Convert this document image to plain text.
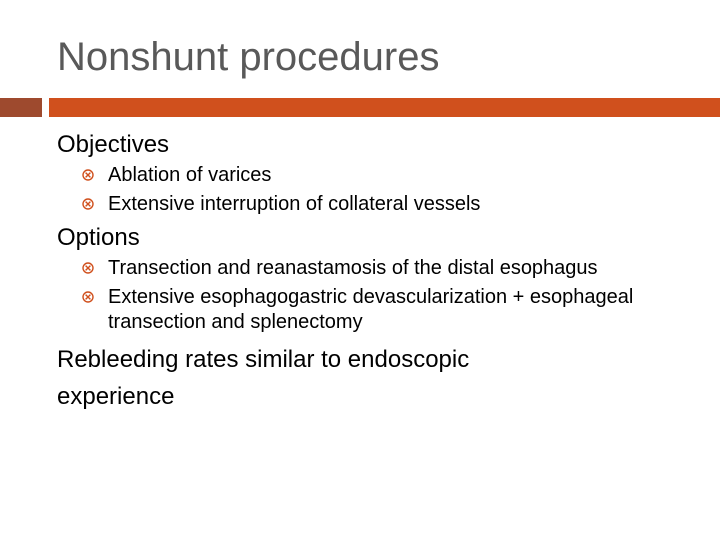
Nonshunt procedures

Objectives

Ablation of varices
Extensive interruption of collateral vessels

Options

Transection and reanastamosis of the distal esophagus
Extensive esophagogastric devascularization + esophageal transection and splenectomy

Rebleeding rates similar to endoscopic experience
